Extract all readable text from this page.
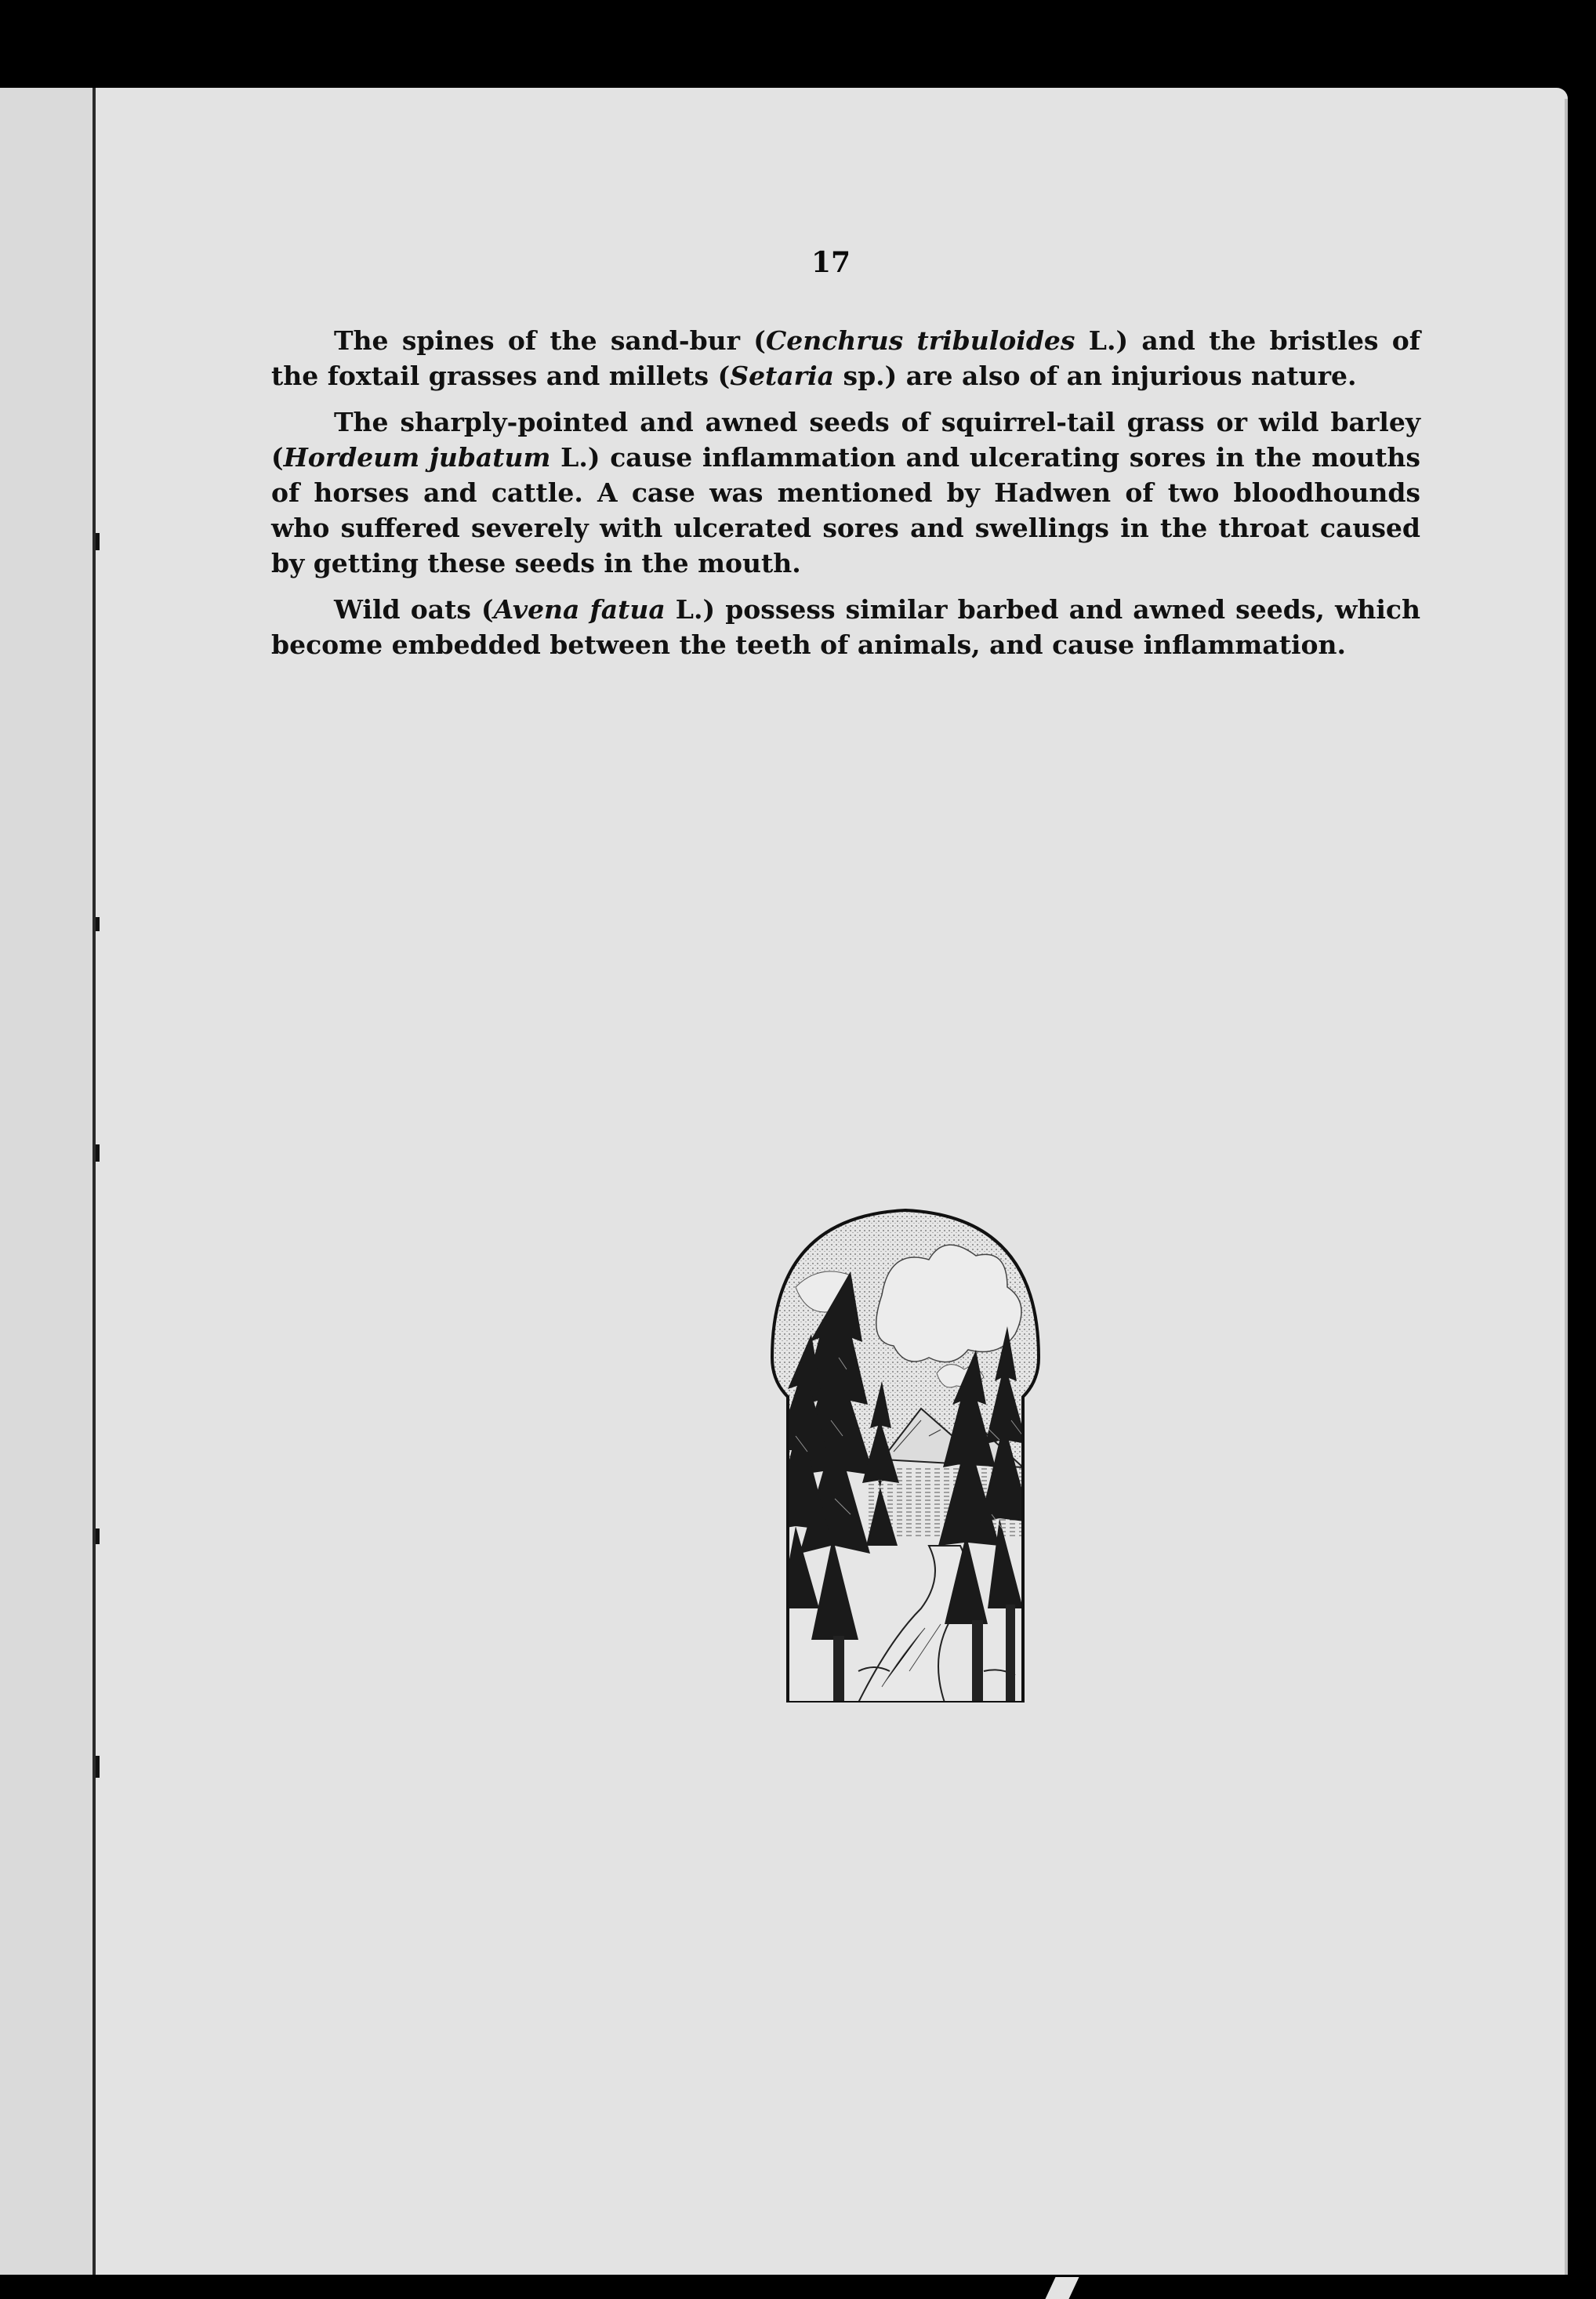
17

The spines of the sand-bur (Cenchrus tribuloides L.) and the bristles of the foxtail grasses and millets (Setaria sp.) are also of an injurious nature.

The sharply-pointed and awned seeds of squirrel-tail grass or wild barley (Hordeum jubatum L.) cause inflammation and ulcerating sores in the mouths of horses and cattle. A case was mentioned by Hadwen of two bloodhounds who suffered severely with ulcerated sores and swellings in the throat caused by getting these seeds in the mouth.

Wild oats (Avena fatua L.) possess similar barbed and awned seeds, which become embedded between the teeth of animals, and cause inflammation.
